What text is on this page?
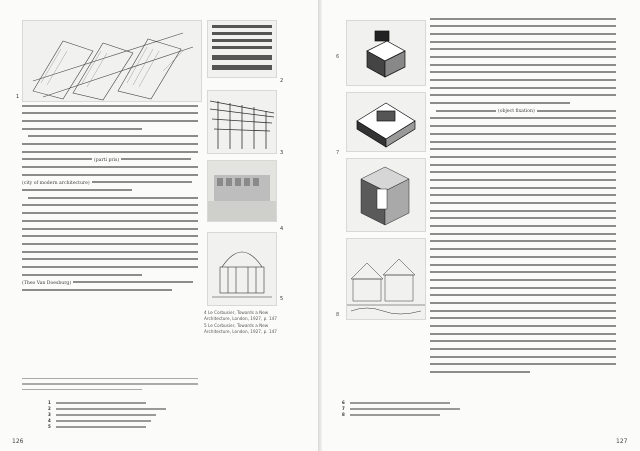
1
2
3
4
5
4 Le Corbusier, Towards a New Architecture, London, 1927, p. 147
5 Le Corbusier, Towards a New Architecture, London, 1927, p. 147
(parti pris)
(city of modern architecture)
(Theo Van Doesburg)
1
2
3
4
5
126
6
7
8
(object fixation)
6
7
8
127
